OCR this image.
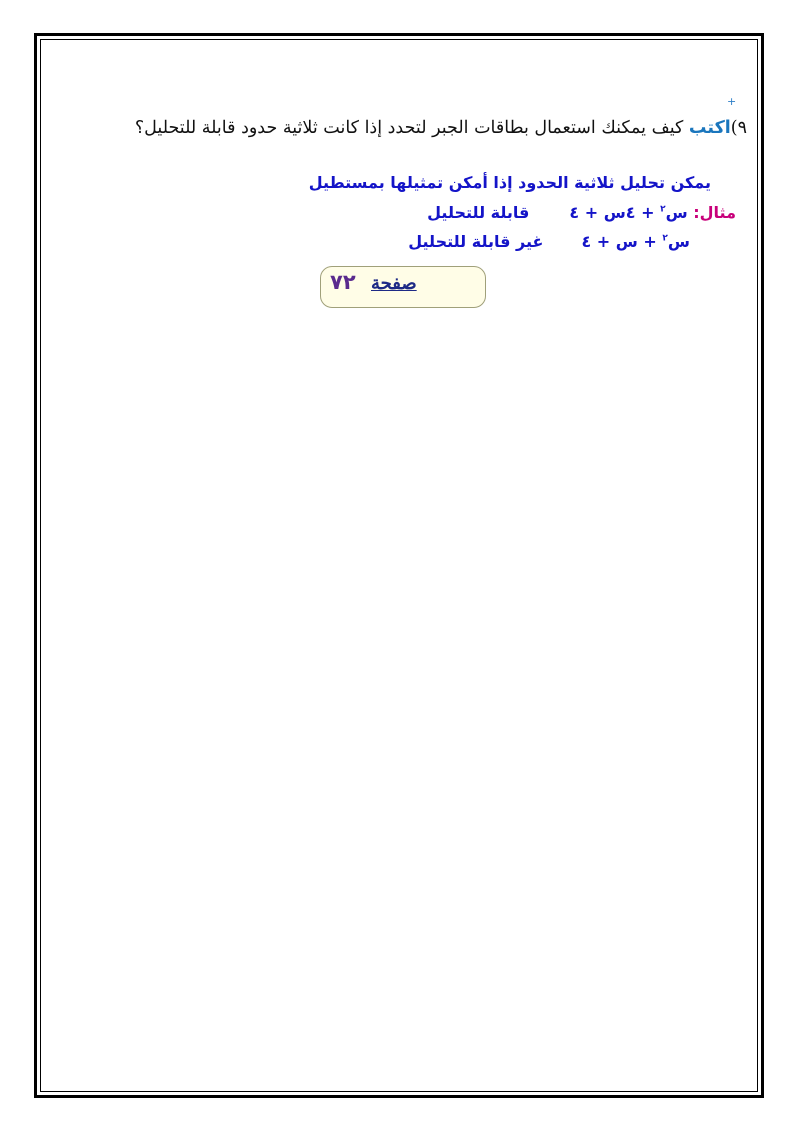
+
٩)اكتب كيف يمكنك استعمال بطاقات الجبر لتحدد إذا كانت ثلاثية حدود قابلة للتحليل؟
يمكن تحليل ثلاثية الحدود إذا أمكن تمثيلها بمستطيل
مثال: س$^٢$ + ٤س + ٤قابلة للتحليل
س$^٢$ + س + ٤غير قابلة للتحليل
صفحة
٧٢
